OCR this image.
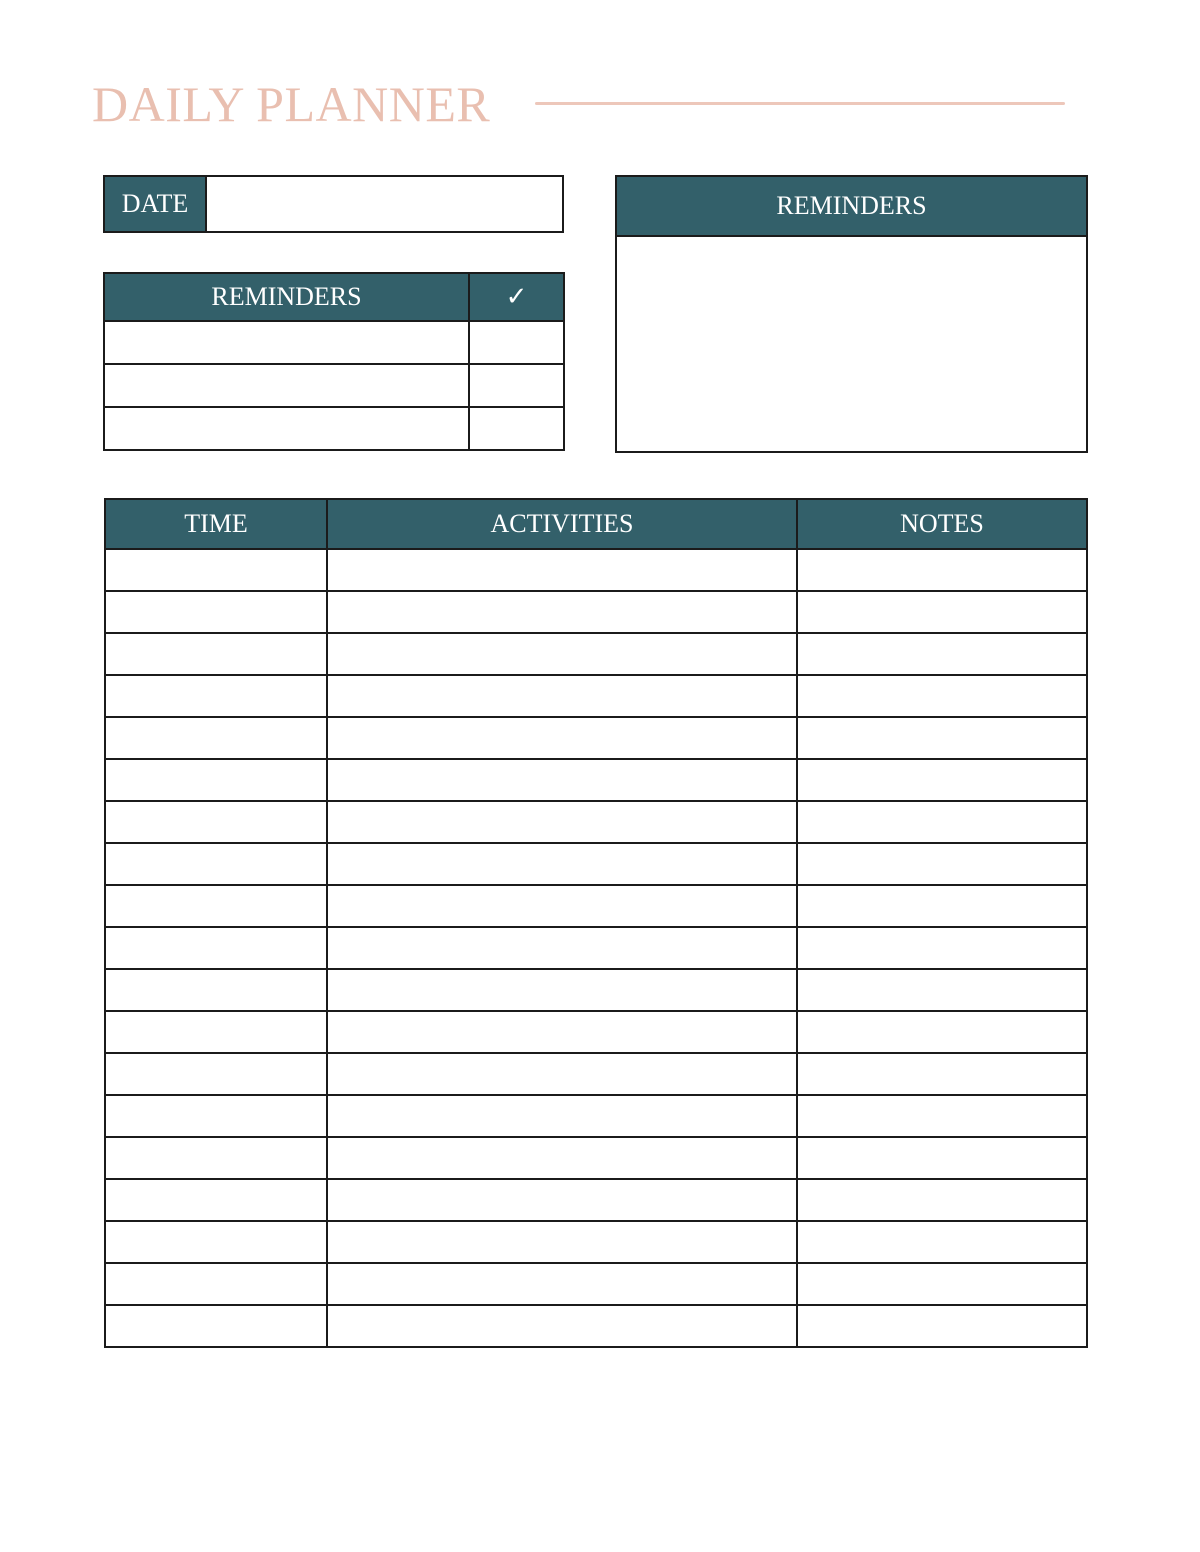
DAILY PLANNER
DATE
REMINDERS	✓

REMINDERS
TIME	ACTIVITIES	NOTES
